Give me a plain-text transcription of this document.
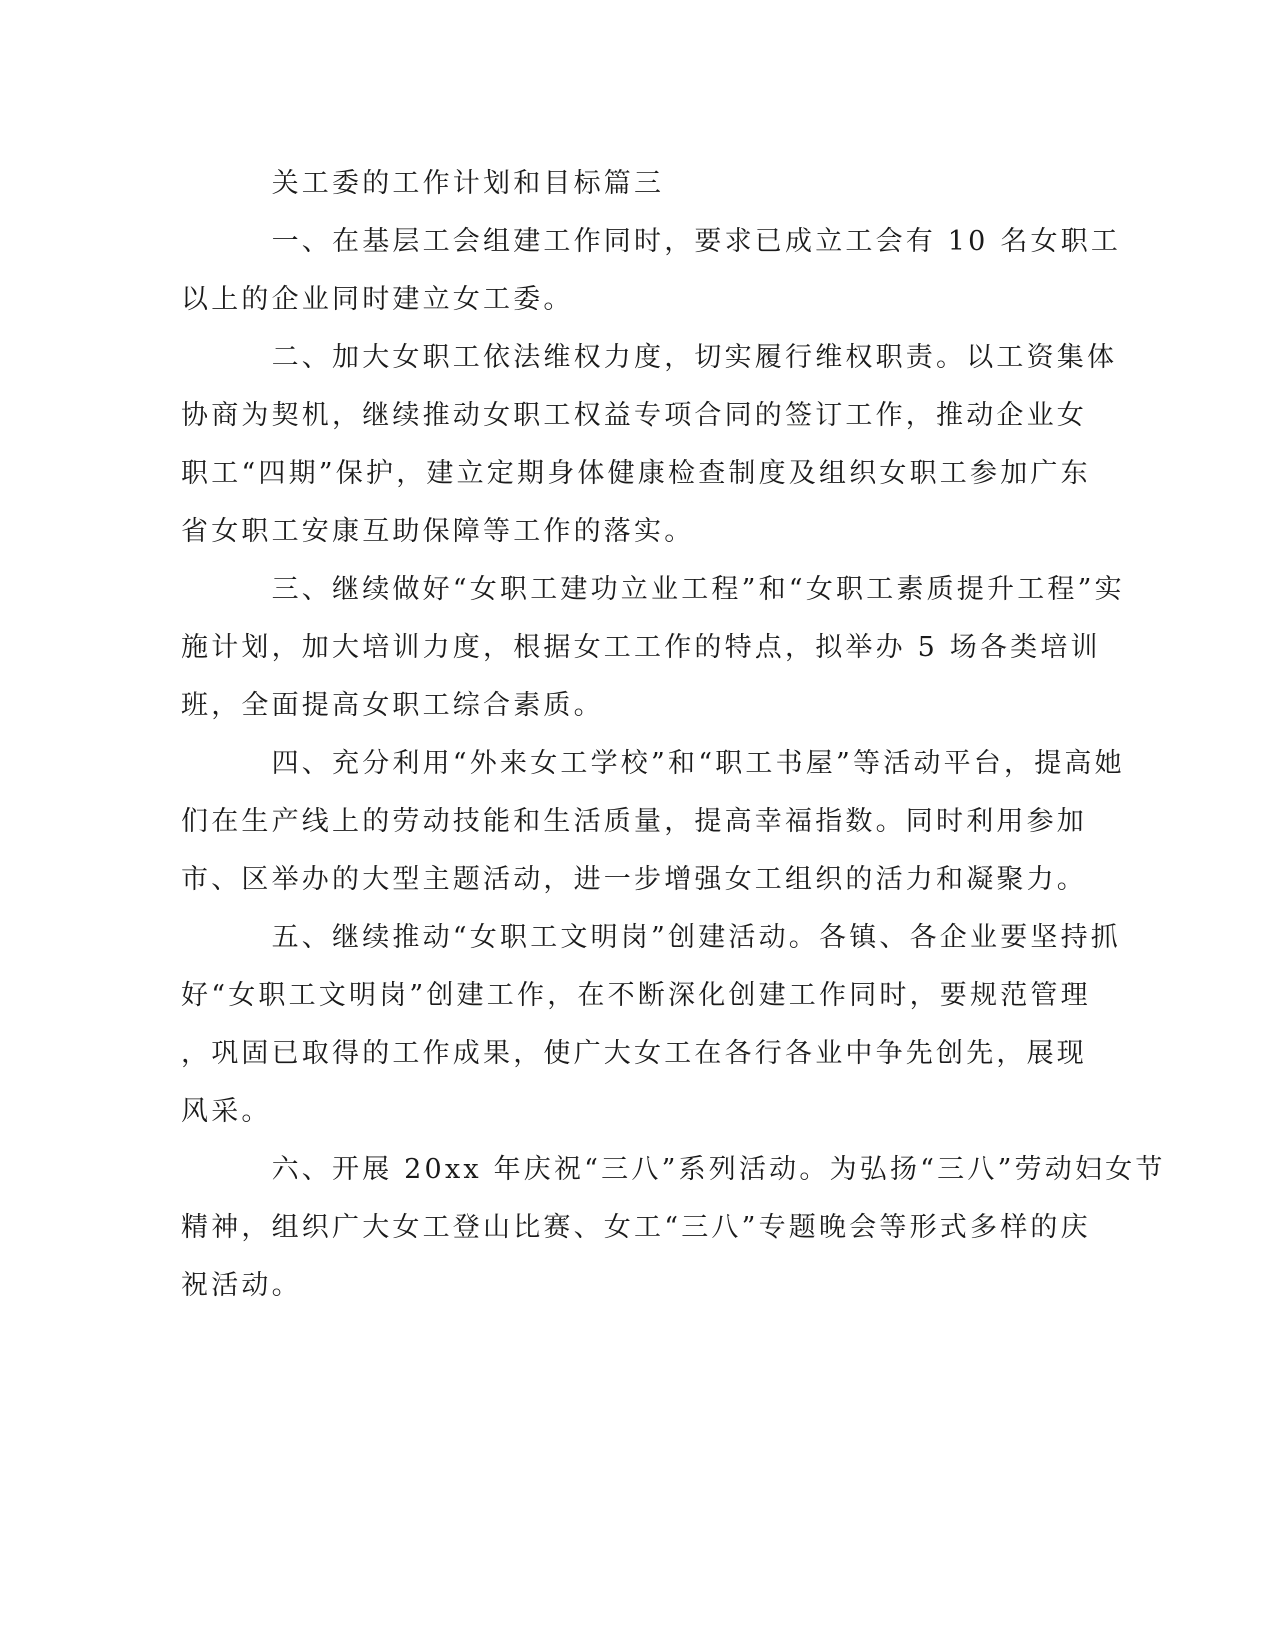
　　　关工委的工作计划和目标篇三
　　　一、在基层工会组建工作同时，要求已成立工会有 10 名女职工
以上的企业同时建立女工委。
　　　二、加大女职工依法维权力度，切实履行维权职责。以工资集体
协商为契机，继续推动女职工权益专项合同的签订工作，推动企业女
职工“四期”保护，建立定期身体健康检查制度及组织女职工参加广东
省女职工安康互助保障等工作的落实。
　　　三、继续做好“女职工建功立业工程”和“女职工素质提升工程”实
施计划，加大培训力度，根据女工工作的特点，拟举办 5 场各类培训
班，全面提高女职工综合素质。
　　　四、充分利用“外来女工学校”和“职工书屋”等活动平台，提高她
们在生产线上的劳动技能和生活质量，提高幸福指数。同时利用参加
市、区举办的大型主题活动，进一步增强女工组织的活力和凝聚力。
　　　五、继续推动“女职工文明岗”创建活动。各镇、各企业要坚持抓
好“女职工文明岗”创建工作，在不断深化创建工作同时，要规范管理
，巩固已取得的工作成果，使广大女工在各行各业中争先创先，展现
风采。
　　　六、开展 20xx 年庆祝“三八”系列活动。为弘扬“三八”劳动妇女节
精神，组织广大女工登山比赛、女工“三八”专题晚会等形式多样的庆
祝活动。
